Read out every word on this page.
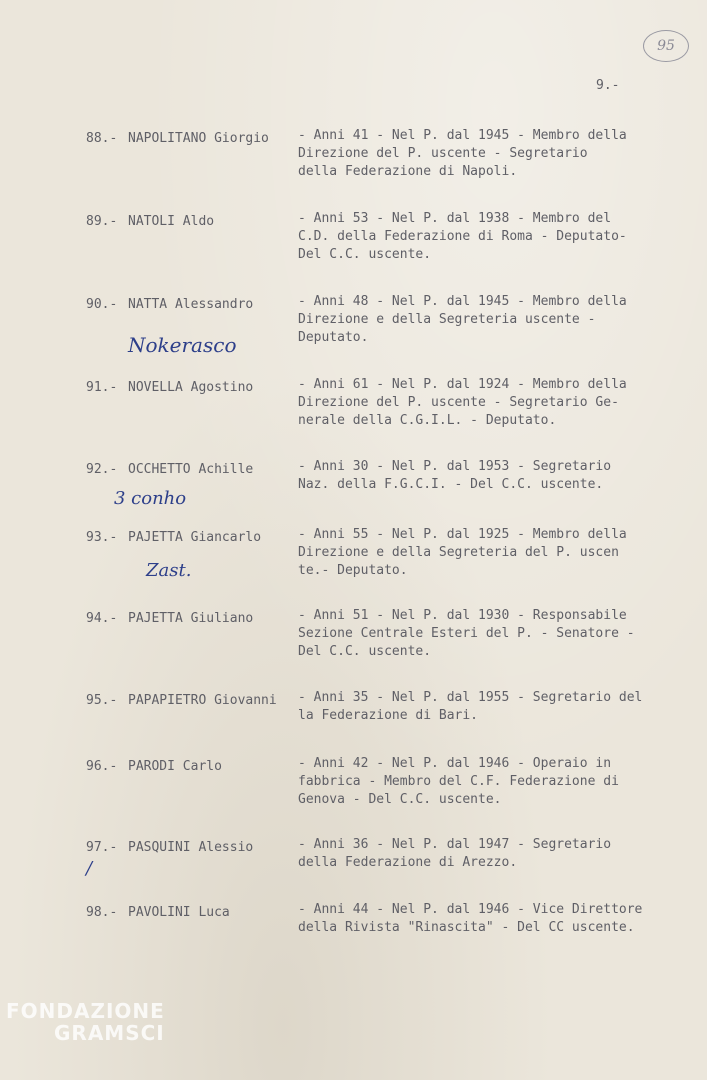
95
9.-
88.- NAPOLITANO Giorgio - Anni 41 - Nel P. dal 1945 - Membro della
Direzione del P. uscente - Segretario
della Federazione di Napoli.
89.- NATOLI Aldo	- Anni 53 - Nel P. dal 1938 - Membro del
C.D. della Federazione di Roma - Deputato-
Del C.C. uscente.
90.- NATTA Alessandro	- Anni 48 - Nel P. dal 1945 - Membro della
Direzione e della Segreteria uscente -
Deputato.
Nokerasco
91.- NOVELLA Agostino	- Anni 61 - Nel P. dal 1924 - Membro della
Direzione del P. uscente - Segretario Ge-
nerale della C.G.I.L. - Deputato.
92.- OCCHETTO Achille	- Anni 30 - Nel P. dal 1953 - Segretario
Naz. della F.G.C.I. - Del C.C. uscente.
3 conho
93.- PAJETTA Giancarlo	- Anni 55 - Nel P. dal 1925 - Membro della
Direzione e della Segreteria del P. uscen
te.- Deputato.
Zast.
94.- PAJETTA Giuliano	- Anni 51 - Nel P. dal 1930 - Responsabile
Sezione Centrale Esteri del P. - Senatore -
Del C.C. uscente.
95.- PAPAPIETRO Giovanni - Anni 35 - Nel P. dal 1955 - Segretario del
la Federazione di Bari.
96.- PARODI Carlo	- Anni 42 - Nel P. dal 1946 - Operaio in
fabbrica - Membro del C.F. Federazione di
Genova - Del C.C. uscente.
97.- PASQUINI Alessio	- Anni 36 - Nel P. dal 1947 - Segretario
della Federazione di Arezzo.
/
98.- PAVOLINI Luca	- Anni 44 - Nel P. dal 1946 - Vice Direttore
della Rivista "Rinascita" - Del CC uscente.
FONDAZIONE
GRAMSCI
